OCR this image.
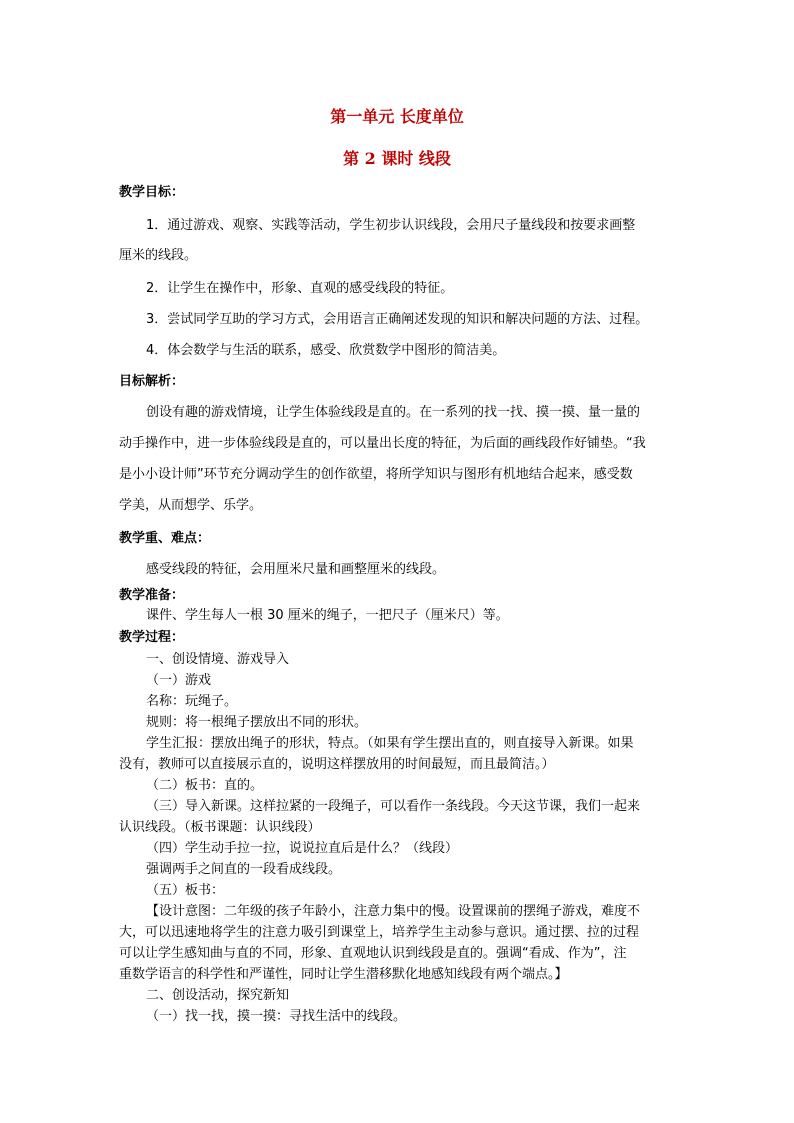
第一单元 长度单位
第 2 课时 线段
教学目标：
1．通过游戏、观察、实践等活动，学生初步认识线段，会用尺子量线段和按要求画整
厘米的线段。
2．让学生在操作中，形象、直观的感受线段的特征。
3．尝试同学互助的学习方式，会用语言正确阐述发现的知识和解决问题的方法、过程。
4．体会数学与生活的联系，感受、欣赏数学中图形的简洁美。
目标解析：
创设有趣的游戏情境，让学生体验线段是直的。在一系列的找一找、摸一摸、量一量的
动手操作中，进一步体验线段是直的，可以量出长度的特征，为后面的画线段作好铺垫。“我
是小小设计师”环节充分调动学生的创作欲望，将所学知识与图形有机地结合起来，感受数
学美，从而想学、乐学。
教学重、难点：
感受线段的特征，会用厘米尺量和画整厘米的线段。
教学准备：
课件、学生每人一根 30 厘米的绳子，一把尺子（厘米尺）等。
教学过程：
一、创设情境、游戏导入
（一）游戏
名称：玩绳子。
规则：将一根绳子摆放出不同的形状。
学生汇报：摆放出绳子的形状，特点。（如果有学生摆出直的，则直接导入新课。如果
没有，教师可以直接展示直的，说明这样摆放用的时间最短，而且最简洁。）
（二）板书：直的。
（三）导入新课。这样拉紧的一段绳子，可以看作一条线段。今天这节课，我们一起来
认识线段。（板书课题：认识线段）
（四）学生动手拉一拉，说说拉直后是什么？（线段）
强调两手之间直的一段看成线段。
（五）板书：
【设计意图：二年级的孩子年龄小，注意力集中的慢。设置课前的摆绳子游戏，难度不
大，可以迅速地将学生的注意力吸引到课堂上，培养学生主动参与意识。通过摆、拉的过程
可以让学生感知曲与直的不同，形象、直观地认识到线段是直的。强调“看成、作为”，注
重数学语言的科学性和严谨性，同时让学生潜移默化地感知线段有两个端点。】
二、创设活动，探究新知
（一）找一找，摸一摸：寻找生活中的线段。
